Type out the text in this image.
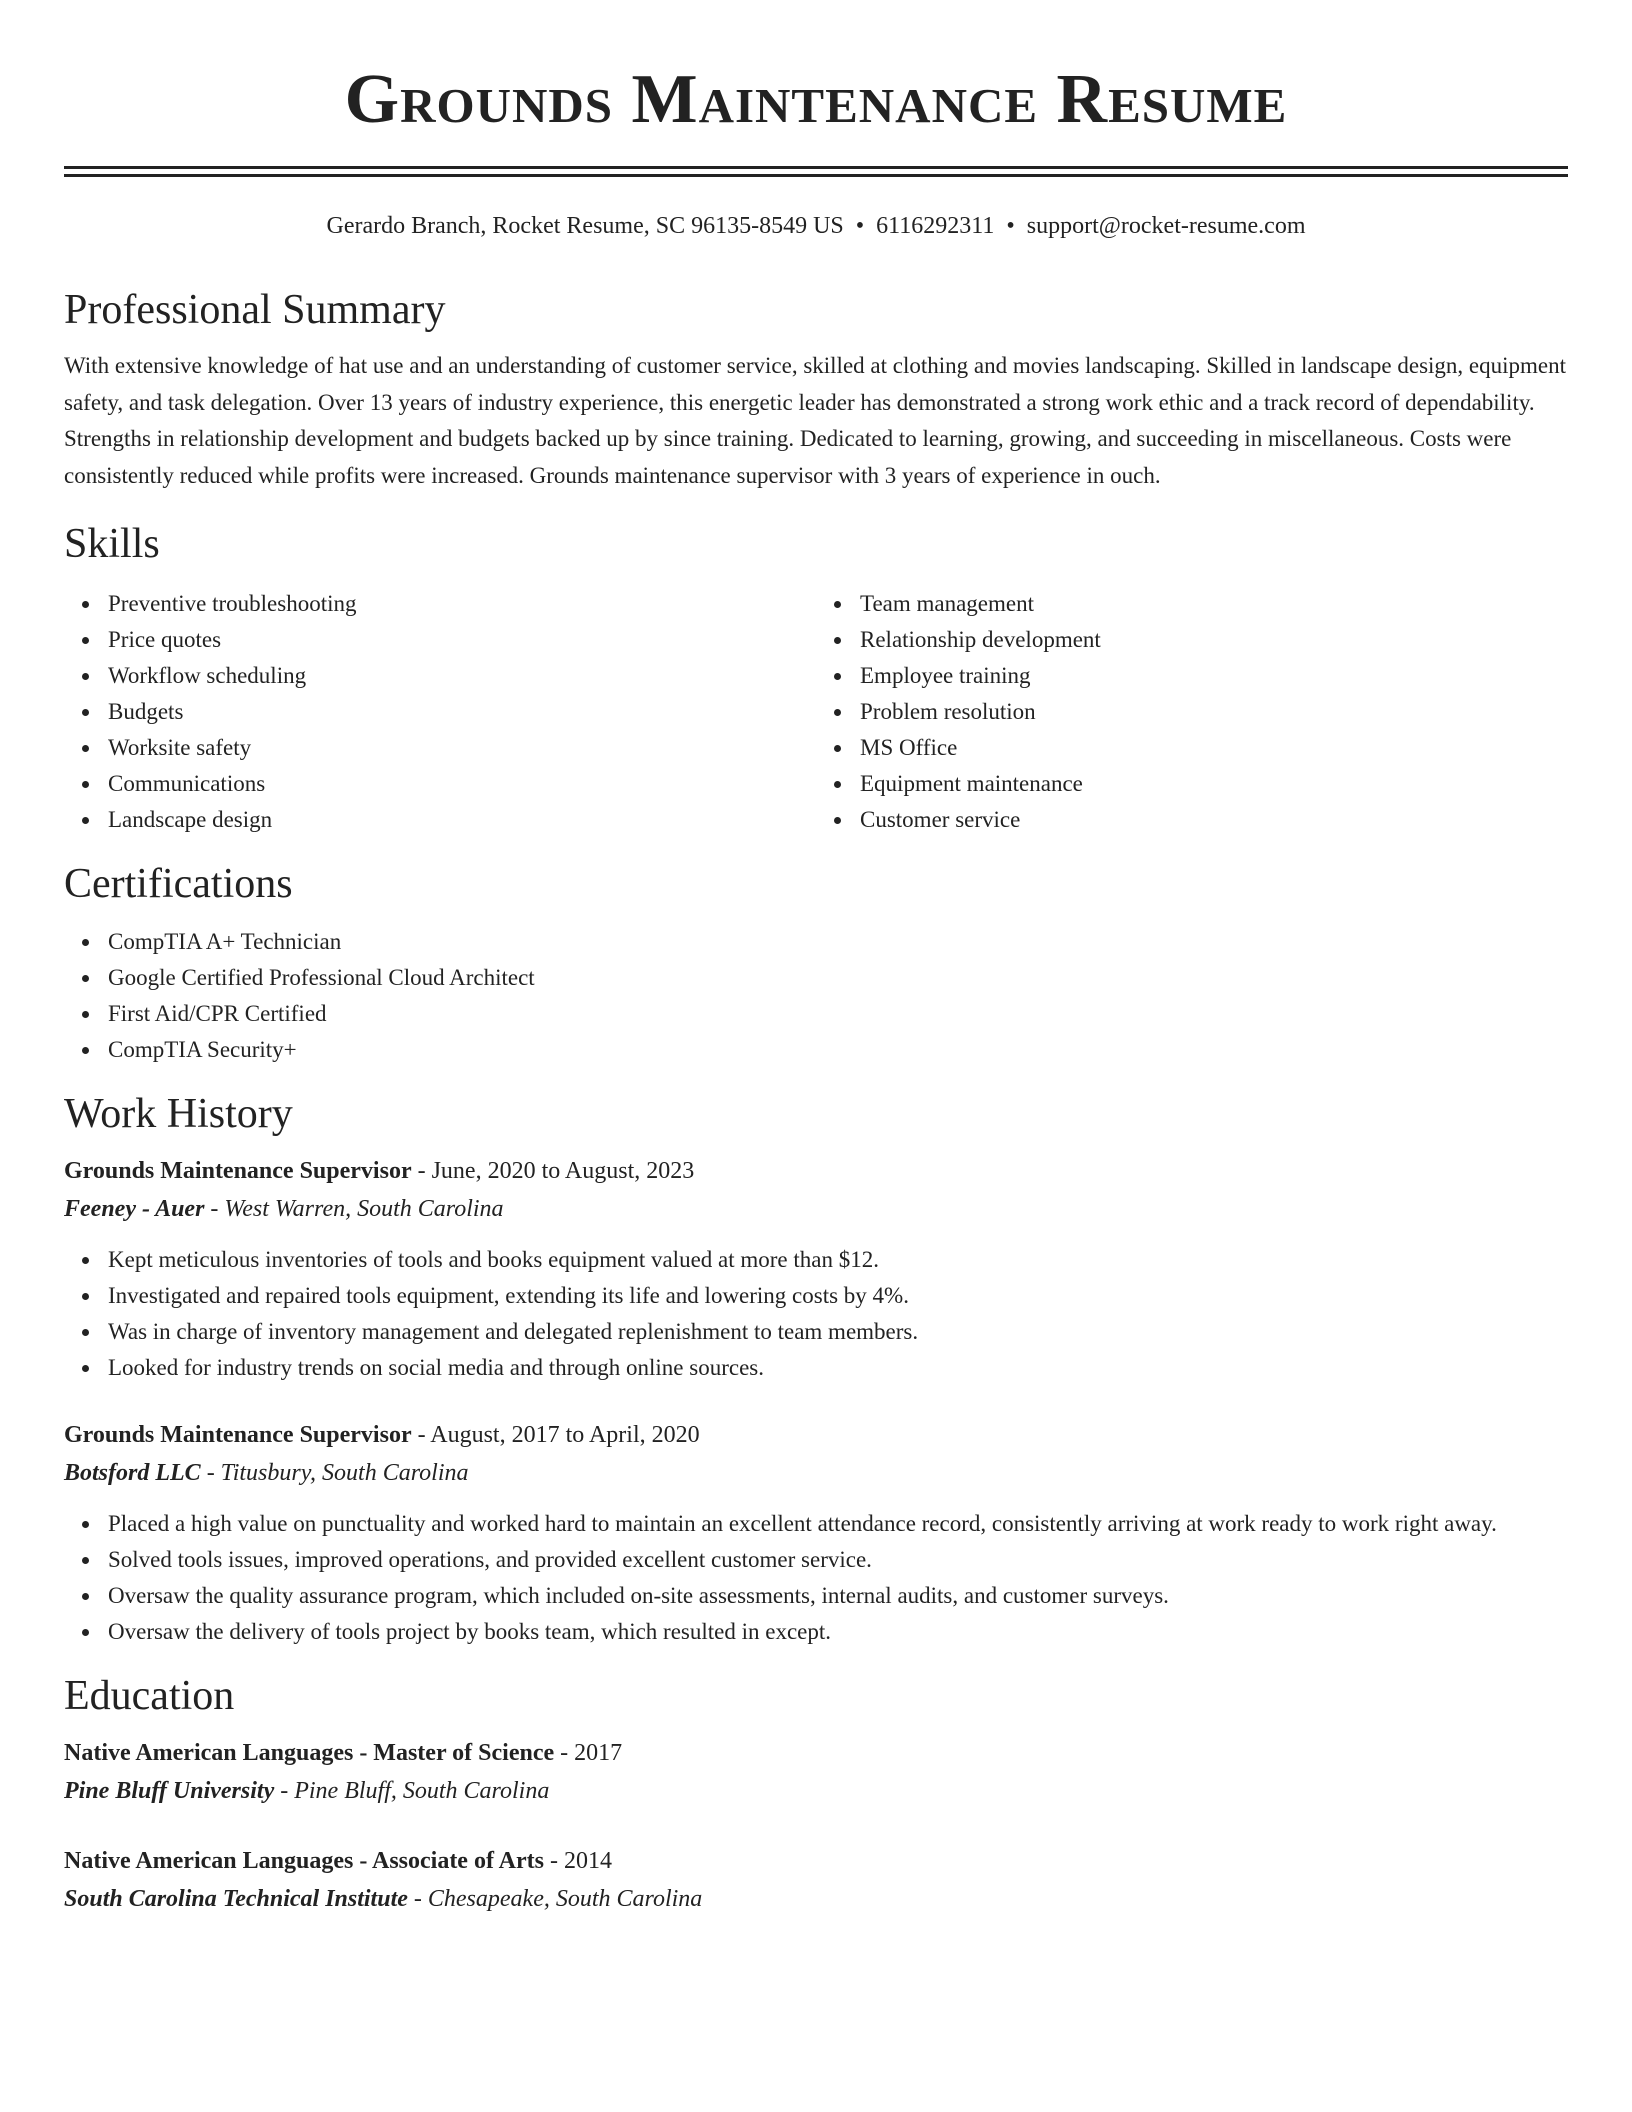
Grounds Maintenance Resume
Gerardo Branch, Rocket Resume, SC 96135-8549 US • 6116292311 • support@rocket-resume.com
Professional Summary

With extensive knowledge of hat use and an understanding of customer service, skilled at clothing and movies landscaping. Skilled in landscape design, equipment safety, and task delegation. Over 13 years of industry experience, this energetic leader has demonstrated a strong work ethic and a track record of dependability. Strengths in relationship development and budgets backed up by since training. Dedicated to learning, growing, and succeeding in miscellaneous. Costs were consistently reduced while profits were increased. Grounds maintenance supervisor with 3 years of experience in ouch.

Skills
Preventive troubleshooting
Price quotes
Workflow scheduling
Budgets
Worksite safety
Communications
Landscape design
Team management
Relationship development
Employee training
Problem resolution
MS Office
Equipment maintenance
Customer service
Certifications
CompTIA A+ Technician
Google Certified Professional Cloud Architect
First Aid/CPR Certified
CompTIA Security+
Work History
Grounds Maintenance Supervisor - June, 2020 to August, 2023
Feeney - Auer - West Warren, South Carolina
Kept meticulous inventories of tools and books equipment valued at more than $12.
Investigated and repaired tools equipment, extending its life and lowering costs by 4%.
Was in charge of inventory management and delegated replenishment to team members.
Looked for industry trends on social media and through online sources.
Grounds Maintenance Supervisor - August, 2017 to April, 2020
Botsford LLC - Titusbury, South Carolina
Placed a high value on punctuality and worked hard to maintain an excellent attendance record, consistently arriving at work ready to work right away.
Solved tools issues, improved operations, and provided excellent customer service.
Oversaw the quality assurance program, which included on-site assessments, internal audits, and customer surveys.
Oversaw the delivery of tools project by books team, which resulted in except.
Education
Native American Languages - Master of Science - 2017
Pine Bluff University - Pine Bluff, South Carolina
Native American Languages - Associate of Arts - 2014
South Carolina Technical Institute - Chesapeake, South Carolina
